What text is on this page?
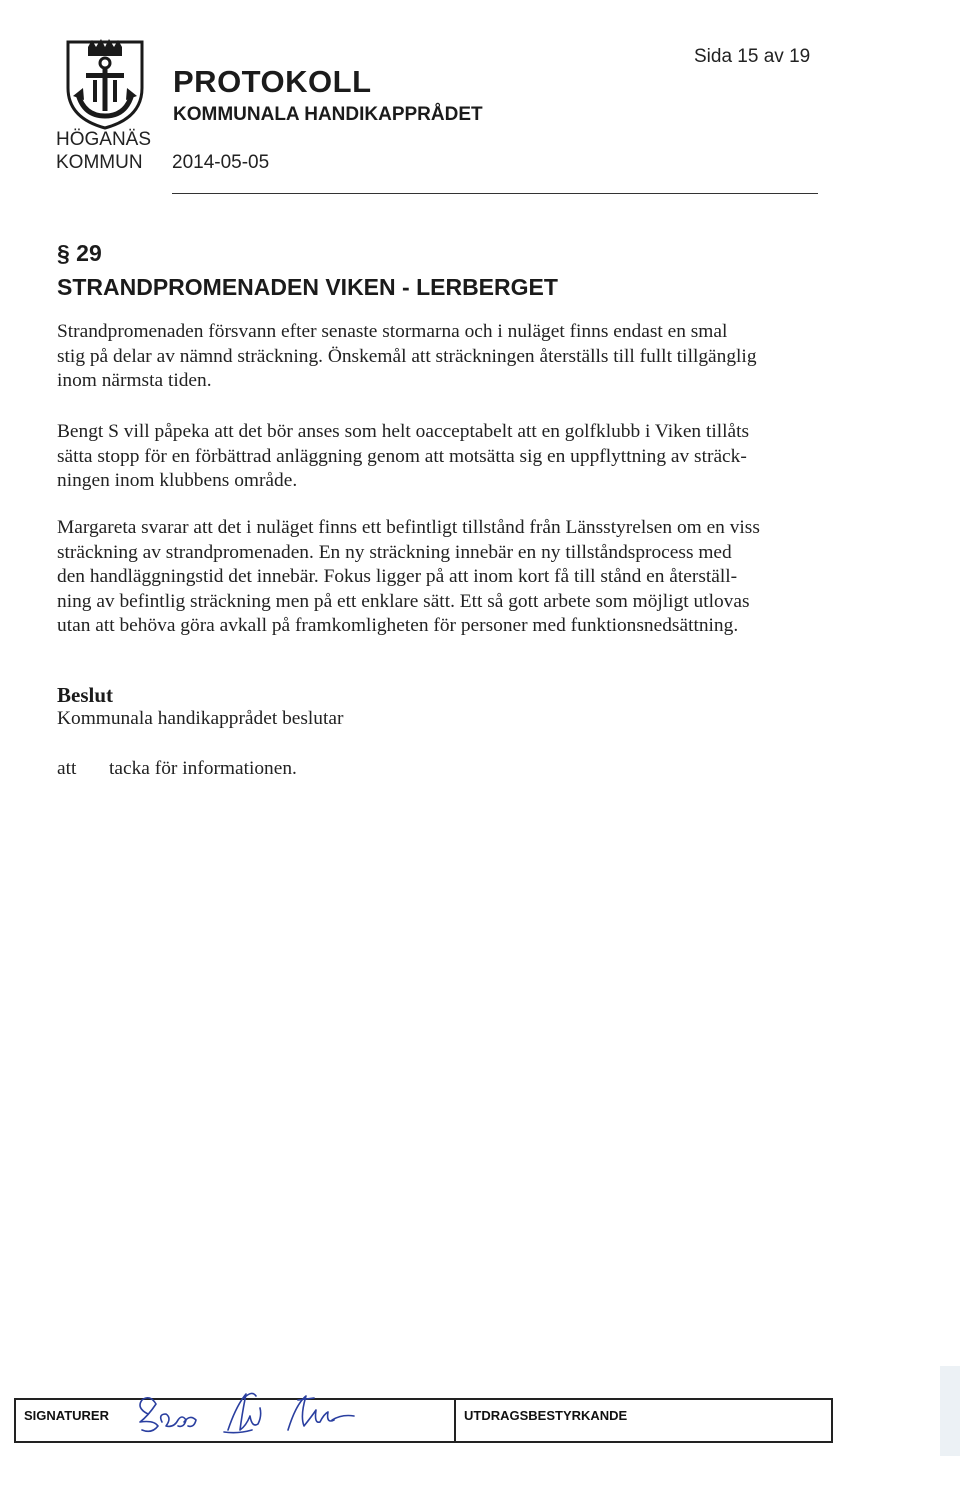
HÖGANÄS
KOMMUN
PROTOKOLL
KOMMUNALA HANDIKAPPRÅDET
2014-05-05
Sida 15 av 19
§ 29
STRANDPROMENADEN VIKEN - LERBERGET
Strandpromenaden försvann efter senaste stormarna och i nuläget finns endast en smal
stig på delar av nämnd sträckning. Önskemål att sträckningen återställs till fullt tillgänglig
inom närmsta tiden.
Bengt S vill påpeka att det bör anses som helt oacceptabelt att en golfklubb i Viken tillåts
sätta stopp för en förbättrad anläggning genom att motsätta sig en uppflyttning av sträck-
ningen inom klubbens område.
Margareta svarar att det i nuläget finns ett befintligt tillstånd från Länsstyrelsen om en viss
sträckning av strandpromenaden. En ny sträckning innebär en ny tillståndsprocess med
den handläggningstid det innebär. Fokus ligger på att inom kort få till stånd en återställ-
ning av befintlig sträckning men på ett enklare sätt. Ett så gott arbete som möjligt utlovas
utan att behöva göra avkall på framkomligheten för personer med funktionsnedsättning.
Beslut
Kommunala handikapprådet beslutar
att tacka för informationen.
SIGNATURER	UTDRAGSBESTYRKANDE
